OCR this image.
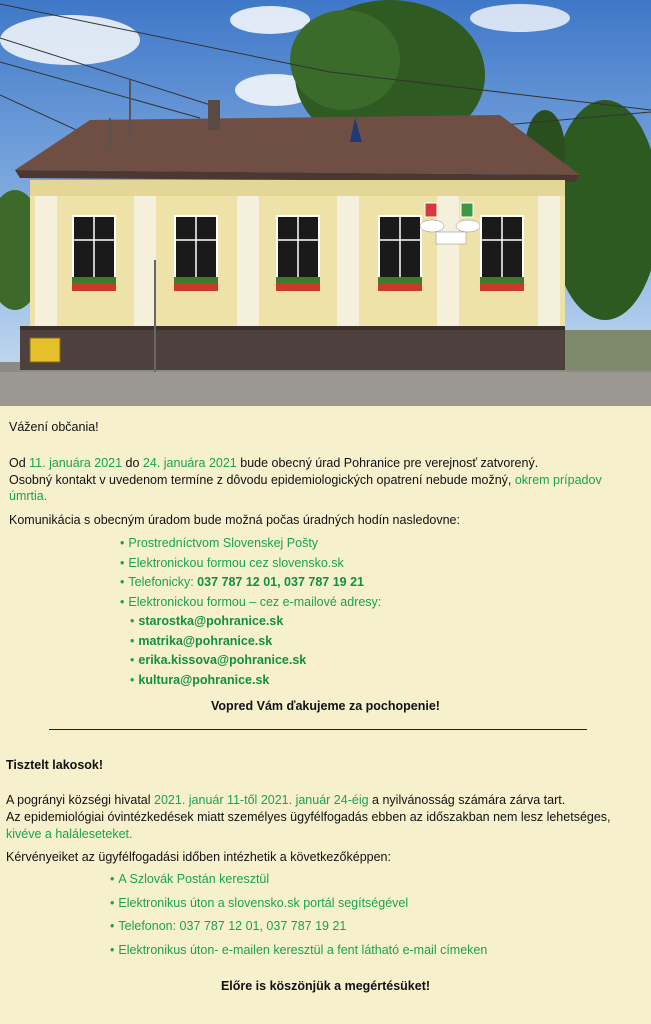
Vážení občania!
Od 11. januára 2021 do 24. januára 2021 bude obecný úrad Pohranice pre verejnosť zatvorený.
Osobný kontakt v uvedenom termíne z dôvodu epidemiologických opatrení nebude možný, okrem prípadov
úmrtia.
Komunikácia s obecným úradom bude možná počas úradných hodín nasledovne:
• Prostredníctvom Slovenskej Pošty
• Elektronickou formou cez slovensko.sk
• Telefonicky: 037 787 12 01, 037 787 19 21
• Elektronickou formou – cez e-mailové adresy:
• starostka@pohranice.sk
• matrika@pohranice.sk
• erika.kissova@pohranice.sk
• kultura@pohranice.sk
Vopred Vám ďakujeme za pochopenie!
Tisztelt lakosok!
A pogrányi községi hivatal 2021. január 11-től 2021. január 24-éig a nyilvánosság számára zárva tart.
Az epidemiológiai óvintézkedések miatt személyes ügyfélfogadás ebben az időszakban nem lesz lehetséges,
kivéve a haláleseteket.
Kérvényeiket az ügyfélfogadási időben intézhetik a következőképpen:
• A Szlovák Postán keresztül
• Elektronikus úton a slovensko.sk portál segítségével
• Telefonon: 037 787 12 01, 037 787 19 21
• Elektronikus úton- e-mailen keresztül a fent látható e-mail címeken
Előre is köszönjük a megértésüket!
